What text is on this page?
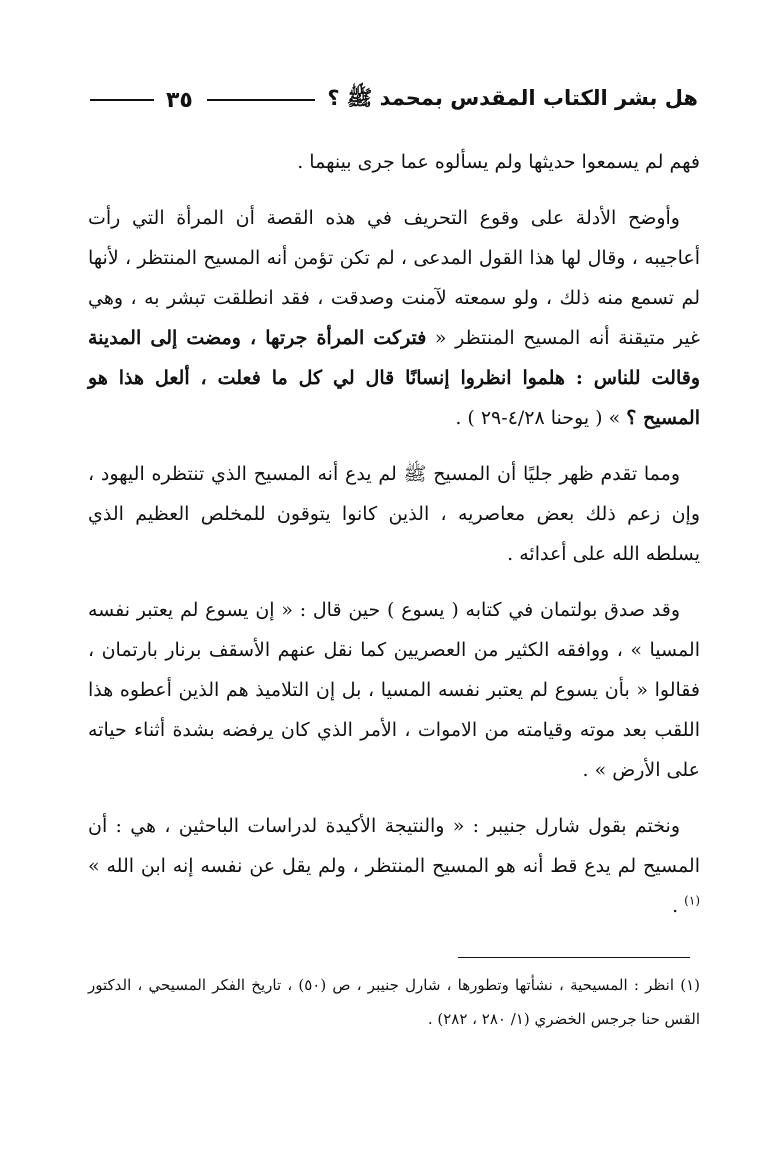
هل بشر الكتاب المقدس بمحمد ﷺ ؟
٣٥

فهم لم يسمعوا حديثها ولم يسألوه عما جرى بينهما .

وأوضح الأدلة على وقوع التحريف في هذه القصة أن المرأة التي رأت أعاجيبه ، وقال لها هذا القول المدعى ، لم تكن تؤمن أنه المسيح المنتظر ، لأنها لم تسمع منه ذلك ، ولو سمعته لآمنت وصدقت ، فقد انطلقت تبشر به ، وهي غير متيقنة أنه المسيح المنتظر « فتركت المرأة جرتها ، ومضت إلى المدينة وقالت للناس : هلموا انظروا إنسانًا قال لي كل ما فعلت ، ألعل هذا هو المسيح ؟ » ( يوحنا ٤/٢٨-٢٩ ) .

ومما تقدم ظهر جليًا أن المسيح ﷺ لم يدع أنه المسيح الذي تنتظره اليهود ، وإن زعم ذلك بعض معاصريه ، الذين كانوا يتوقون للمخلص العظيم الذي يسلطه الله على أعدائه .

وقد صدق بولتمان في كتابه ( يسوع ) حين قال : « إن يسوع لم يعتبر نفسه المسيا » ، ووافقه الكثير من العصريين كما نقل عنهم الأسقف برنار بارتمان ، فقالوا « بأن يسوع لم يعتبر نفسه المسيا ، بل إن التلاميذ هم الذين أعطوه هذا اللقب بعد موته وقيامته من الاموات ، الأمر الذي كان يرفضه بشدة أثناء حياته على الأرض » .

ونختم بقول شارل جنيبر : « والنتيجة الأكيدة لدراسات الباحثين ، هي : أن المسيح لم يدع قط أنه هو المسيح المنتظر ، ولم يقل عن نفسه إنه ابن الله » $^{(١)}$ .

(١) انظر : المسيحية ، نشأتها وتطورها ، شارل جنيبر ، ص (٥٠) ، تاريخ الفكر المسيحي ، الدكتور القس حنا جرجس الخضري (١/ ٢٨٠ ، ٢٨٢) .
